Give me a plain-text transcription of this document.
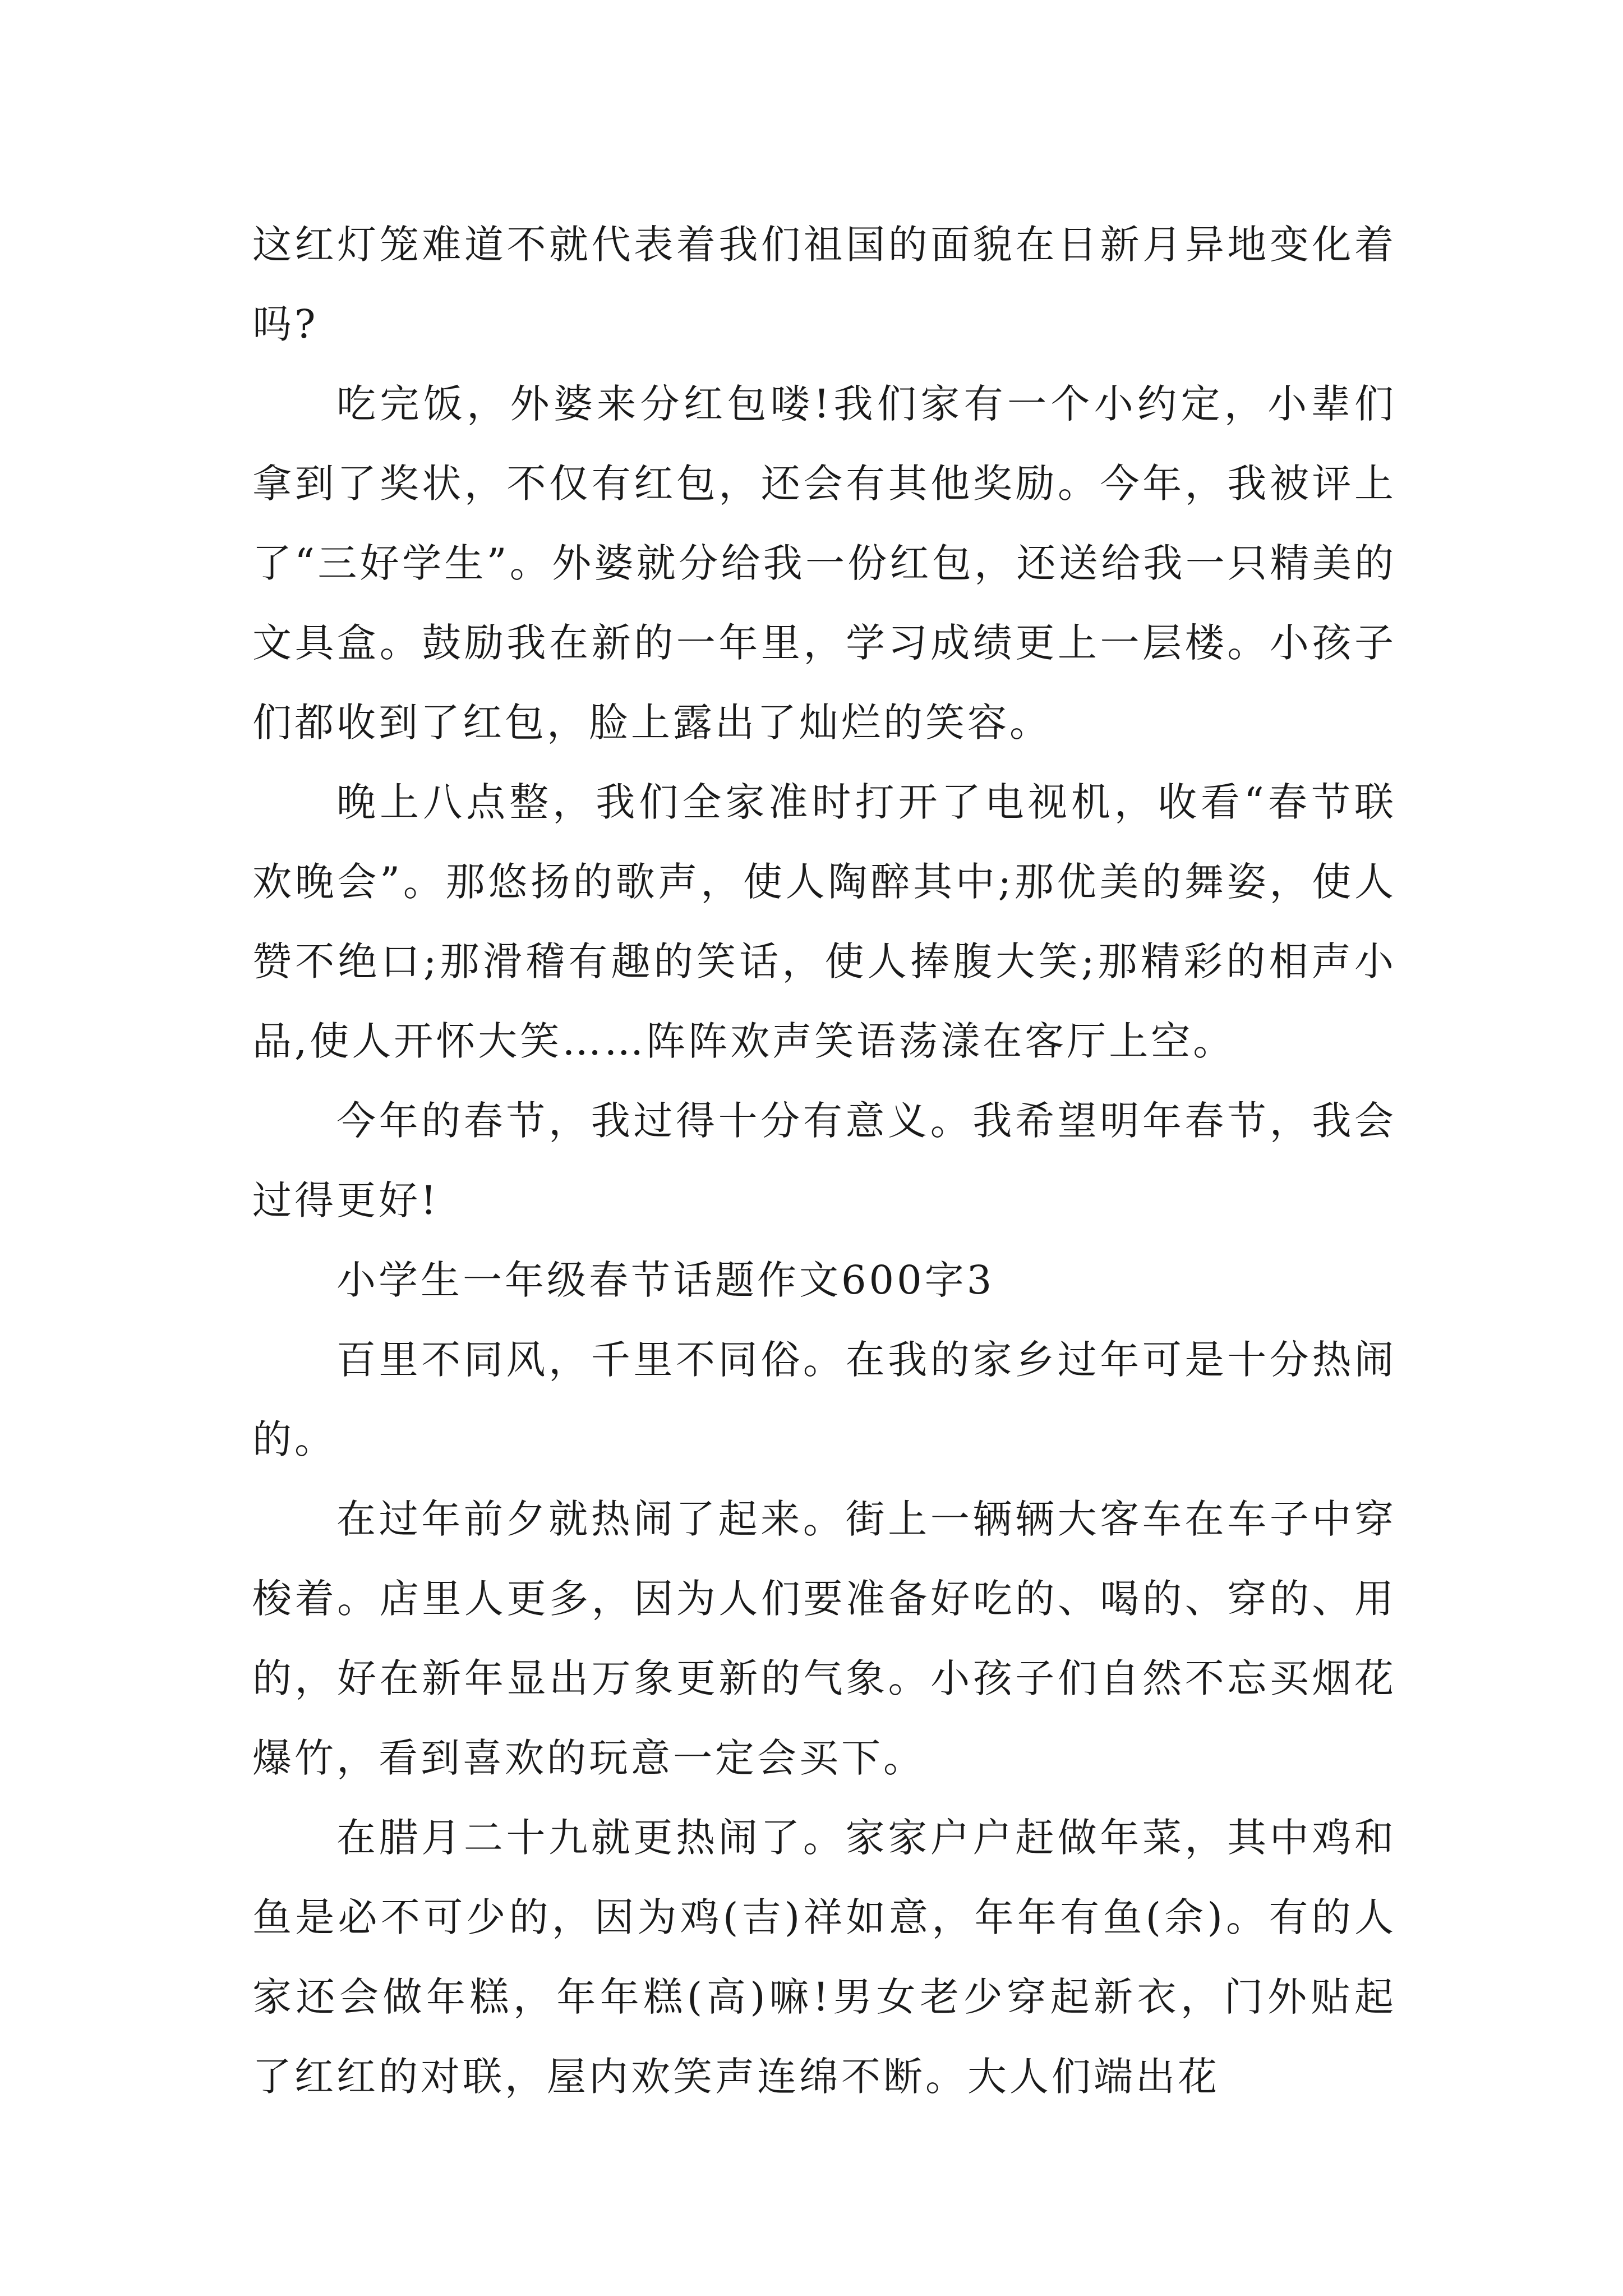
这红灯笼难道不就代表着我们祖国的面貌在日新月异地变化着吗?

吃完饭，外婆来分红包喽!我们家有一个小约定，小辈们拿到了奖状，不仅有红包，还会有其他奖励。今年，我被评上了“三好学生”。外婆就分给我一份红包，还送给我一只精美的文具盒。鼓励我在新的一年里，学习成绩更上一层楼。小孩子们都收到了红包，脸上露出了灿烂的笑容。

晚上八点整，我们全家准时打开了电视机，收看“春节联欢晚会”。那悠扬的歌声，使人陶醉其中;那优美的舞姿，使人赞不绝口;那滑稽有趣的笑话，使人捧腹大笑;那精彩的相声小品,使人开怀大笑……阵阵欢声笑语荡漾在客厅上空。

今年的春节，我过得十分有意义。我希望明年春节，我会过得更好!

小学生一年级春节话题作文600字3

百里不同风，千里不同俗。在我的家乡过年可是十分热闹的。

在过年前夕就热闹了起来。街上一辆辆大客车在车子中穿梭着。店里人更多，因为人们要准备好吃的、喝的、穿的、用的，好在新年显出万象更新的气象。小孩子们自然不忘买烟花爆竹，看到喜欢的玩意一定会买下。

在腊月二十九就更热闹了。家家户户赶做年菜，其中鸡和鱼是必不可少的，因为鸡(吉)祥如意，年年有鱼(余)。有的人家还会做年糕，年年糕(高)嘛!男女老少穿起新衣，门外贴起了红红的对联，屋内欢笑声连绵不断。大人们端出花
